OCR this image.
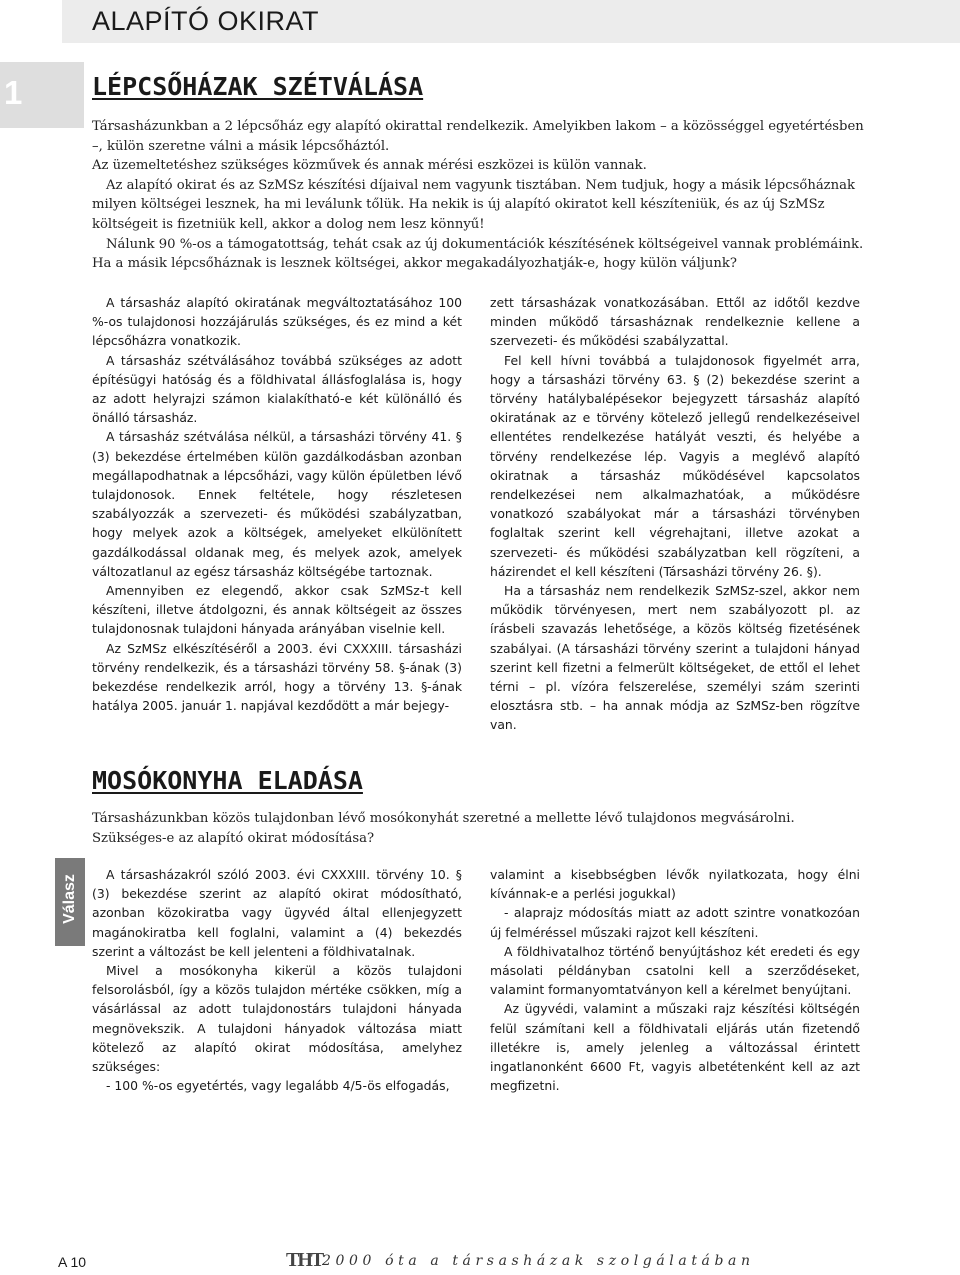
ALAPÍTÓ OKIRAT
1	LÉPCSŐHÁZAK SZÉTVÁLÁSA

Társasházunkban a 2 lépcsőház egy alapító okirattal rendelkezik. Amelyikben lakom – a közösséggel egyetértésben –, külön szeretne válni a másik lépcsőháztól.

Az üzemeltetéshez szükséges közművek és annak mérési eszközei is külön vannak.

Az alapító okirat és az SzMSz készítési díjaival nem vagyunk tisztában. Nem tudjuk, hogy a másik lépcsőháznak milyen költségei lesznek, ha mi leválunk tőlük. Ha nekik is új alapító okiratot kell készíteniük, és az új SzMSz költségeit is fizetniük kell, akkor a dolog nem lesz könnyű!

Nálunk 90 %-os a támogatottság, tehát csak az új dokumentációk készítésének költségeivel vannak problémáink. Ha a másik lépcsőháznak is lesznek költségei, akkor megakadályozhatják-e, hogy külön váljunk?

A társasház alapító okiratának megváltoztatásához 100 %-os tulajdonosi hozzájárulás szükséges, és ez mind a két lépcsőházra vonatkozik.

A társasház szétválásához továbbá szükséges az adott építésügyi hatóság és a földhivatal állásfoglalása is, hogy az adott helyrajzi számon kialakítható-e két különálló és önálló társasház.

A társasház szétválása nélkül, a társasházi törvény 41. § (3) bekezdése értelmében külön gazdálkodásban azonban megállapodhatnak a lépcsőházi, vagy külön épületben lévő tulajdonosok. Ennek feltétele, hogy részletesen szabályozzák a szervezeti- és működési szabályzatban, hogy melyek azok a költségek, amelyeket elkülönített gazdálkodással oldanak meg, és melyek azok, amelyek változatlanul az egész társasház költségébe tartoznak.

Amennyiben ez elegendő, akkor csak SzMSz-t kell készíteni, illetve átdolgozni, és annak költségeit az összes tulajdonosnak tulajdoni hányada arányában viselnie kell.

Az SzMSz elkészítéséről a 2003. évi CXXXIII. társasházi törvény rendelkezik, és a társasházi törvény 58. §-ának (3) bekezdése rendelkezik arról, hogy a törvény 13. §-ának hatálya 2005. január 1. napjával kezdődött a már bejegy-

zett társasházak vonatkozásában. Ettől az időtől kezdve minden működő társasháznak rendelkeznie kellene a szervezeti- és működési szabályzattal.

Fel kell hívni továbbá a tulajdonosok figyelmét arra, hogy a társasházi törvény 63. § (2) bekezdése szerint a törvény hatálybalépésekor bejegyzett társasház alapító okiratának az e törvény kötelező jellegű rendelkezéseivel ellentétes rendelkezése hatályát veszti, és helyébe a törvény rendelkezése lép. Vagyis a meglévő alapító okiratnak a társasház működésével kapcsolatos rendelkezései nem alkalmazhatóak, a működésre vonatkozó szabályokat már a társasházi törvényben foglaltak szerint kell végrehajtani, illetve azokat a szervezeti- és működési szabályzatban kell rögzíteni, a házirendet el kell készíteni (Társasházi törvény 26. §).

Ha a társasház nem rendelkezik SzMSz-szel, akkor nem működik törvényesen, mert nem szabályozott pl. az írásbeli szavazás lehetősége, a közös költség fizetésének szabályai. (A társasházi törvény szerint a tulajdoni hányad szerint kell fizetni a felmerült költségeket, de ettől el lehet térni – pl. vízóra felszerelése, személyi szám szerinti elosztásra stb. – ha annak módja az SzMSz-ben rögzítve van.

MOSÓKONYHA ELADÁSA

Társasházunkban közös tulajdonban lévő mosókonyhát szeretné a mellette lévő tulajdonos megvásárolni. Szükséges-e az alapító okirat módosítása?

Válasz	A társasházakról szóló 2003. évi CXXXIII. törvény 10. § (3) bekezdése szerint az alapító okirat módosítható, azonban közokiratba vagy ügyvéd által ellenjegyzett magánokiratba kell foglalni, valamint a (4) bekezdés szerint a változást be kell jelenteni a földhivatalnak.

Mivel a mosókonyha kikerül a közös tulajdoni felsorolásból, így a közös tulajdon mértéke csökken, míg a vásárlással az adott tulajdonostárs tulajdoni hányada megnövekszik. A tulajdoni hányadok változása miatt kötelező az alapító okirat módosítása, amelyhez szükséges:

- 100 %-os egyetértés, vagy legalább 4/5-ös elfogadás,

valamint a kisebbségben lévők nyilatkozata, hogy élni kívánnak-e a perlési jogukkal)

- alaprajz módosítás miatt az adott szintre vonatkozóan új felméréssel műszaki rajzot kell készíteni.

A földhivatalhoz történő benyújtáshoz két eredeti és egy másolati példányban csatolni kell a szerződéseket, valamint formanyomtatványon kell a kérelmet benyújtani.

Az ügyvédi, valamint a műszaki rajz készítési költségén felül számítani kell a földhivatali eljárás után fizetendő illetékre is, amely jelenleg a változással érintett ingatlanonként 6600 Ft, vagyis albetétenként kell az azt megfizetni.

A 10	THT 2000 óta a társasházak szolgálatában
